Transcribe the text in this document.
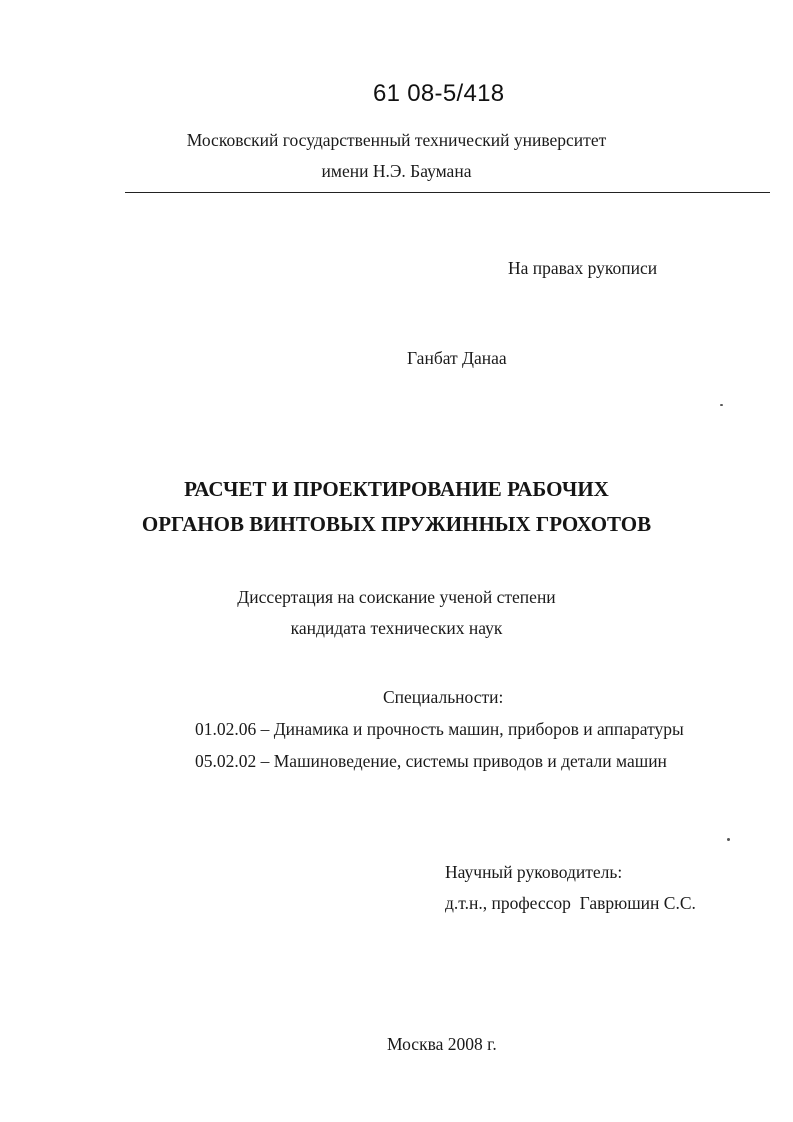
61 08-5/418
Московский государственный технический университет
имени Н.Э. Баумана
На правах рукописи
Ганбат Данаа
РАСЧЕТ И ПРОЕКТИРОВАНИЕ РАБОЧИХ
ОРГАНОВ ВИНТОВЫХ ПРУЖИННЫХ ГРОХОТОВ
Диссертация на соискание ученой степени
кандидата технических наук
Специальности:
01.02.06 – Динамика и прочность машин, приборов и аппаратуры
05.02.02 – Машиноведение, системы приводов и детали машин
Научный руководитель:
д.т.н., профессор  Гаврюшин С.С.
Москва 2008 г.
